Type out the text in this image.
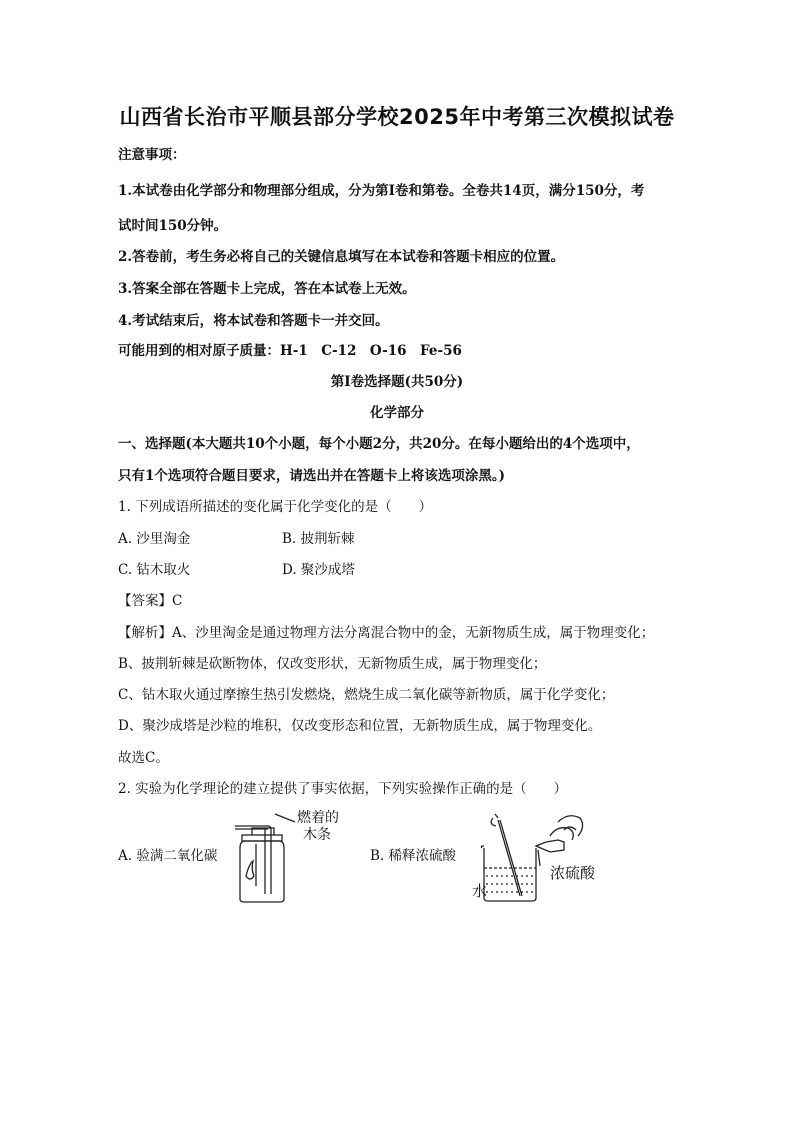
山西省长治市平顺县部分学校2025年中考第三次模拟试卷
注意事项：
1.本试卷由化学部分和物理部分组成，分为第Ⅰ卷和第卷。全卷共14页，满分150分，考
试时间150分钟。
2.答卷前，考生务必将自己的关键信息填写在本试卷和答题卡相应的位置。
3.答案全部在答题卡上完成，答在本试卷上无效。
4.考试结束后，将本试卷和答题卡一并交回。
可能用到的相对原子质量：H-1　C-12　O-16　Fe-56
第Ⅰ卷选择题(共50分)
化学部分
一、选择题(本大题共10个小题，每个小题2分，共20分。在每小题给出的4个选项中，
只有1个选项符合题目要求，请选出并在答题卡上将该选项涂黑。)
1. 下列成语所描述的变化属于化学变化的是（　　）
A. 沙里淘金	B. 披荆斩棘
C. 钻木取火	D. 聚沙成塔
【答案】C
【解析】A、沙里淘金是通过物理方法分离混合物中的金，无新物质生成，属于物理变化；
B、披荆斩棘是砍断物体，仅改变形状，无新物质生成，属于物理变化；
C、钻木取火通过摩擦生热引发燃烧，燃烧生成二氧化碳等新物质，属于化学变化；
D、聚沙成塔是沙粒的堆积，仅改变形态和位置，无新物质生成，属于物理变化。
故选C。
2. 实验为化学理论的建立提供了事实依据，下列实验操作正确的是（　　）
A. 验满二氧化碳
燃着的
木条
B. 稀释浓硫酸
浓硫酸
水
